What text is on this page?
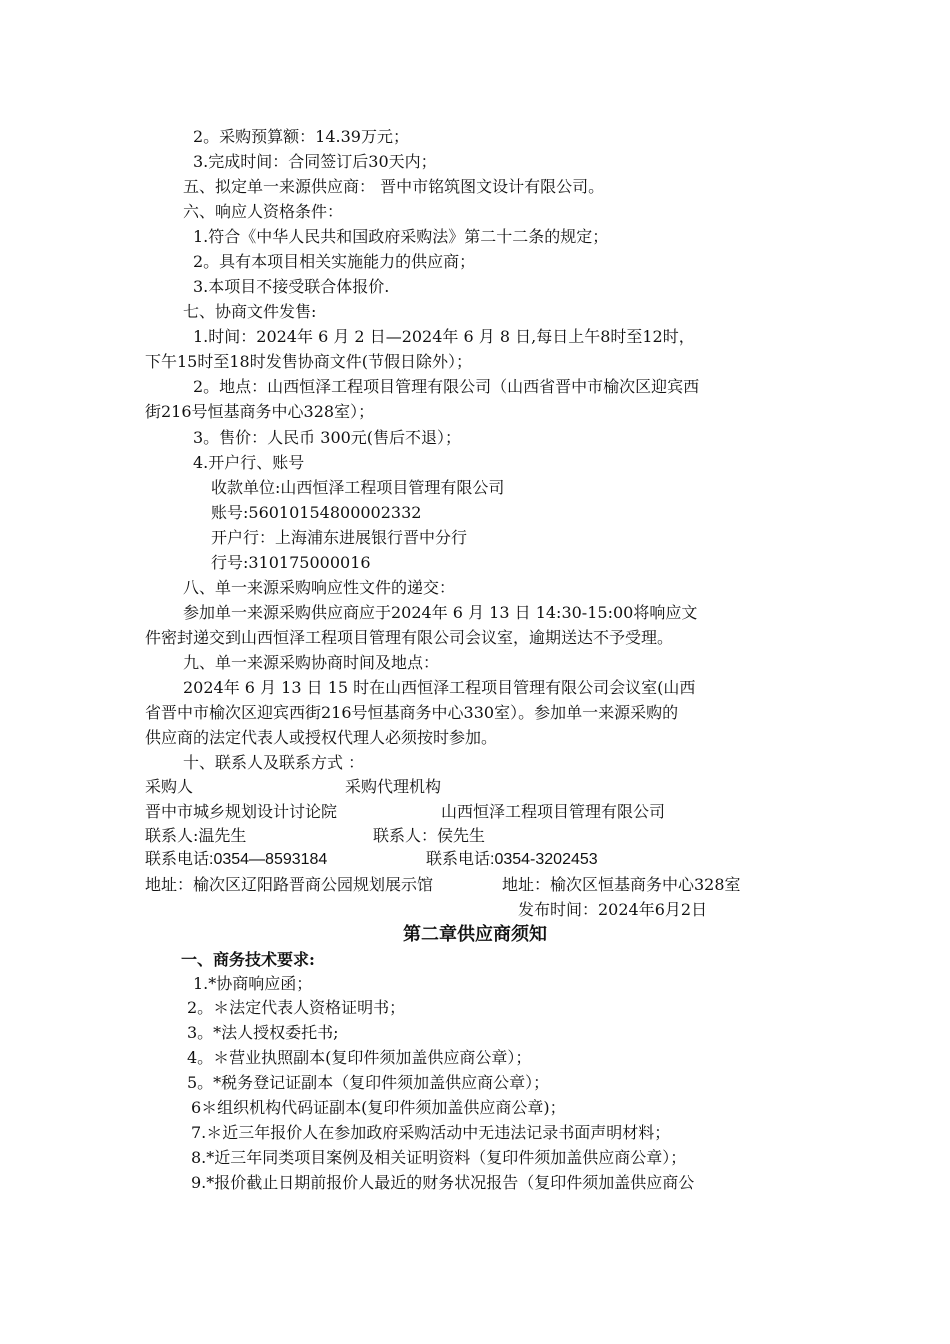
2。采购预算额：14.39万元；
3.完成时间：合同签订后30天内；
五、拟定单一来源供应商： 晋中市铭筑图文设计有限公司。
六、响应人资格条件：
1.符合《中华人民共和国政府采购法》第二十二条的规定；
2。具有本项目相关实施能力的供应商；
3.本项目不接受联合体报价.
七、协商文件发售:
1.时间：2024年 6 月 2 日—2024年 6 月 8 日,每日上午8时至12时，
下午15时至18时发售协商文件(节假日除外）；
2。地点：山西恒泽工程项目管理有限公司（山西省晋中市榆次区迎宾西
街216号恒基商务中心328室）；
3。售价：人民币 300元(售后不退）；
4.开户行、账号
收款单位:山西恒泽工程项目管理有限公司
账号:56010154800002332
开户行：上海浦东进展银行晋中分行
行号:310175000016
八、单一来源采购响应性文件的递交：
参加单一来源采购供应商应于2024年 6 月 13 日 14:30-15:00将响应文
件密封递交到山西恒泽工程项目管理有限公司会议室，逾期送达不予受理。
九、单一来源采购协商时间及地点：
2024年 6 月 13 日 15 时在山西恒泽工程项目管理有限公司会议室(山西
省晋中市榆次区迎宾西街216号恒基商务中心330室）。参加单一来源采购的
供应商的法定代表人或授权代理人必须按时参加。
十、联系人及联系方式 ：
采购人	采购代理机构
晋中市城乡规划设计讨论院	山西恒泽工程项目管理有限公司
联系人:温先生	联系人：侯先生
联系电话:0354—8593184	联系电话:0354-3202453
地址：榆次区辽阳路晋商公园规划展示馆	地址：榆次区恒基商务中心328室
发布时间：2024年6月2日
第二章供应商须知
一、商务技术要求:
1.*协商响应函；
2。＊法定代表人资格证明书；
3。*法人授权委托书;
4。＊营业执照副本(复印件须加盖供应商公章）；
5。*税务登记证副本（复印件须加盖供应商公章）；
6＊组织机构代码证副本(复印件须加盖供应商公章)；
7.＊近三年报价人在参加政府采购活动中无违法记录书面声明材料；
8.*近三年同类项目案例及相关证明资料（复印件须加盖供应商公章）；
9.*报价截止日期前报价人最近的财务状况报告（复印件须加盖供应商公
